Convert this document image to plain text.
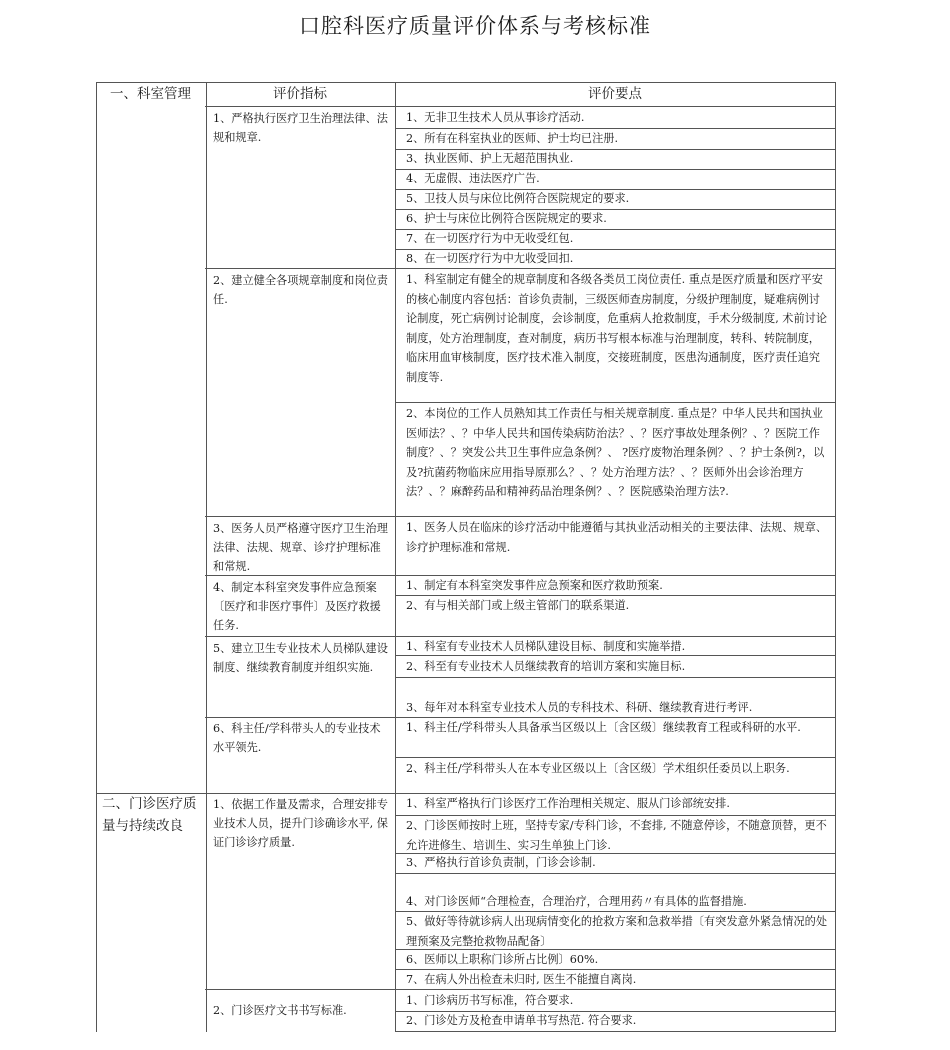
口腔科医疗质量评价体系与考核标准
一、科室管理	评价指标	评价要点
二、门诊医疗质量与持续改良
1、严格执行医疗卫生治理法律、法规和规章.
2、建立健全各项规章制度和岗位责任.
3、医务人员严格遵守医疗卫生治理法律、法规、规章、诊疗护理标准和常规.
4、制定本科室突发事件应急预案〔医疗和非医疗事件〕及医疗救援任务.
5、建立卫生专业技术人员梯队建设制度、继续教育制度并组织实施.
6、科主任/学科带头人的专业技术水平领先.
1、依据工作量及需求，合理安排专业技术人员，提升门诊确诊水平, 保证门诊诊疗质量.
2、门诊医疗文书书写标准.
1、无非卫生技术人员从事诊疗活动.
2、所有在科室执业的医师、护士均已注册.
3、执业医师、护上无超范围执业.
4、无虚假、违法医疗广告.
5、卫技人员与床位比例符合医院规定的要求.
6、护士与床位比例符合医院规定的要求.
7、在一切医疗行为中无收受红包.
8、在一切医疗行为中尢收受回扣.
1、科室制定有健全的规章制度和各级各类员工岗位责任. 重点是医疗质量和医疗平安的核心制度内容包括：首诊负责制，三级医师查房制度，分级护理制度，疑难病例讨论制度，死亡病例讨论制度，会诊制度，危重病人抢救制度，手术分级制度, 术前讨论制度，处方治理制度，查对制度，病历书写根本标准与治理制度，转科、转院制度，临床用血审核制度，医疗技术准入制度，交接班制度，医患沟通制度，医疗责任追究制度等.
2、本岗位的工作人员熟知其工作责任与相关规章制度. 重点是？中华人民共和国执业医师法？、？中华人民共和国传染病防治法？、？医疗事故处理条例？、？医院工作制度？、？突发公共卫生事件应急条例？、 ?医疗废物治理条例？、？护士条例?，以及?抗菌药物临床应用指导原那么？、？处方治理方法？、？医师外出会诊治理方法？、？麻醉药品和精神药品治理条例？、？医院感染治理方法?.
1、医务人员在临床的诊疗活动中能遵循与其执业活动相关的主要法律、法规、规章、诊疗护理标准和常规.
1、制定有本科室突发事件应急预案和医疗救助预案.
2、有与相关部门或上级主管部门的联系渠道.
1、科室有专业技术人员梯队建设目标、制度和实施举措.
2、科至有专业技术人员继续教育的培训方案和实施目标.
3、每年对本科室专业技术人员的专科技术、科研、继续教育进行考评.
1、科主任/学科带头人具备承当区级以上〔含区级〕继续教育工程或科研的水平.
2、科主任/学科带头人在本专业区级以上〔含区级〕学术组织任委员以上职务.
1、科室严格执行门诊医疗工作治理相关规定、服从门诊部统安排.
2、门诊医师按时上班，坚持专家/专科门诊，不套排, 不随意停诊，不随意顶替，更不允许进修生、培训生、实习生单独上门诊.
3、严格执行首诊负责制，门诊会诊制.
4、对门诊医师“合理检查，合理治疗，合理用药〃有具体的监督措施.
5、做好等待就诊病人出现病情变化的抢救方案和急救举措〔有突发意外紧急情况的处理预案及完整抢救物品配备〕
6、医师以上职称门诊所占比例〕60%.
7、在病人外出检查未归时, 医生不能擅自离岗.
1、门诊病历书写标准，符合要求.
2、门诊处方及枪查申请单书写热范. 符合要求.
